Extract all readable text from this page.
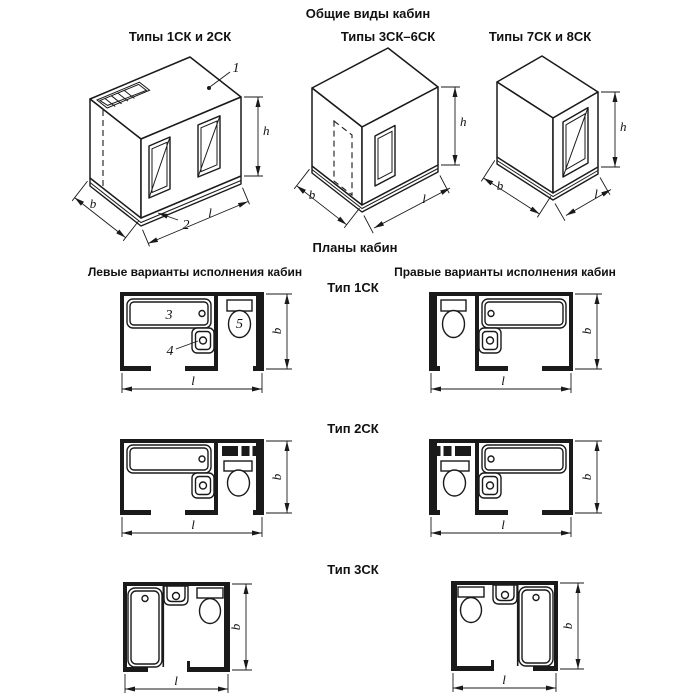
Общие виды кабин
Типы 1СК и 2СК	Типы 3СК–6СК	Типы 7СК и 8СК
Планы кабин
Левые варианты исполнения кабин	Правые варианты исполнения кабин
Тип 1СК
Тип 2СК
Тип 3СК
1
2
b
l
h
b	l
h
b
l
h
3
4
5 b
l
b
l
b
l
b
l
b
l
b
l
